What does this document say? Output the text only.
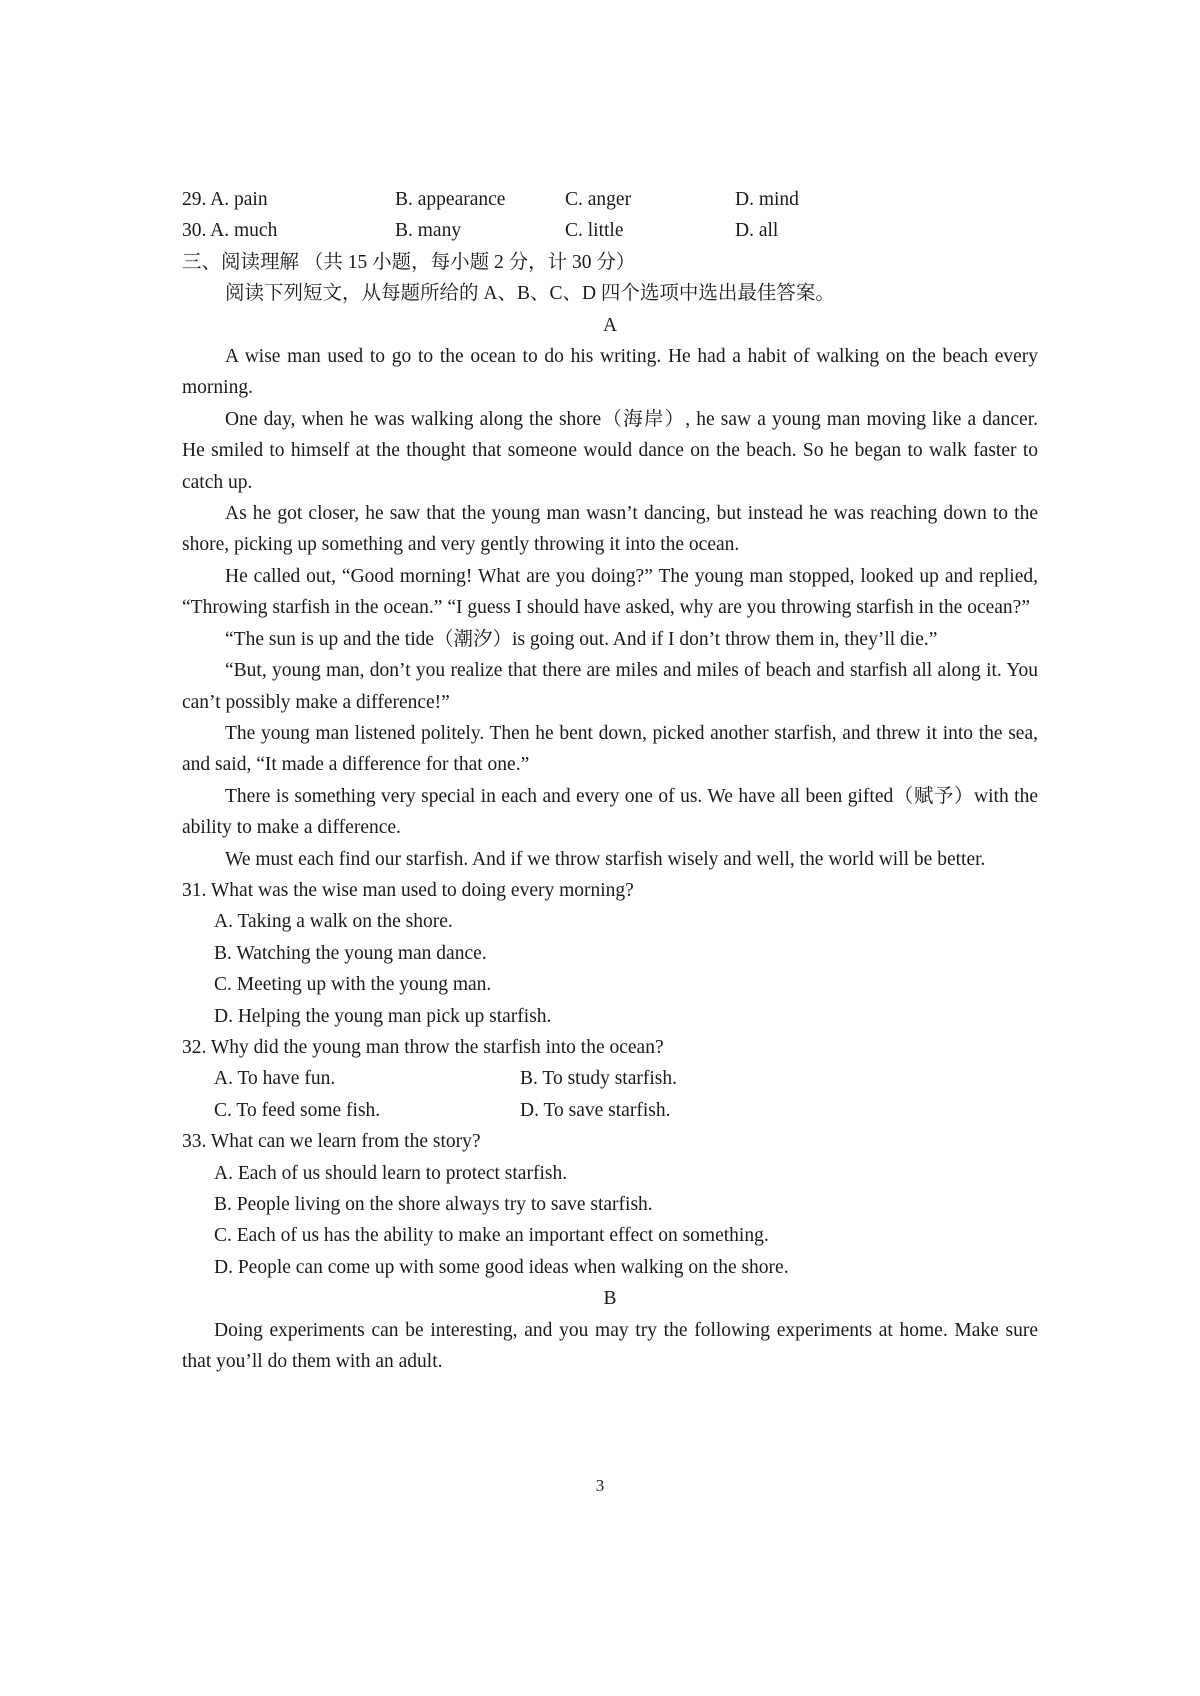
29. A. pain	B. appearance	C. anger	D. mind
30. A. much	B. many	C. little	D. all
三、阅读理解 （共 15 小题，每小题 2 分，计 30 分）
阅读下列短文，从每题所给的 A、B、C、D 四个选项中选出最佳答案。
A

A wise man used to go to the ocean to do his writing. He had a habit of walking on the beach every morning.

One day, when he was walking along the shore（海岸）, he saw a young man moving like a dancer. He smiled to himself at the thought that someone would dance on the beach. So he began to walk faster to catch up.

As he got closer, he saw that the young man wasn’t dancing, but instead he was reaching down to the shore, picking up something and very gently throwing it into the ocean.

He called out, “Good morning! What are you doing?” The young man stopped, looked up and replied, “Throwing starfish in the ocean.” “I guess I should have asked, why are you throwing starfish in the ocean?”

“The sun is up and the tide（潮汐）is going out. And if I don’t throw them in, they’ll die.”

“But, young man, don’t you realize that there are miles and miles of beach and starfish all along it. You can’t possibly make a difference!”

The young man listened politely. Then he bent down, picked another starfish, and threw it into the sea, and said, “It made a difference for that one.”

There is something very special in each and every one of us. We have all been gifted（赋予）with the ability to make a difference.

We must each find our starfish. And if we throw starfish wisely and well, the world will be better.

31. What was the wise man used to doing every morning?

A. Taking a walk on the shore.
B. Watching the young man dance.
C. Meeting up with the young man.
D. Helping the young man pick up starfish.

32. Why did the young man throw the starfish into the ocean?

A. To have fun.	B. To study starfish.
C. To feed some fish.	D. To save starfish.

33. What can we learn from the story?

A. Each of us should learn to protect starfish.
B. People living on the shore always try to save starfish.
C. Each of us has the ability to make an important effect on something.
D. People can come up with some good ideas when walking on the shore.
B

Doing experiments can be interesting, and you may try the following experiments at home. Make sure that you’ll do them with an adult.

3
